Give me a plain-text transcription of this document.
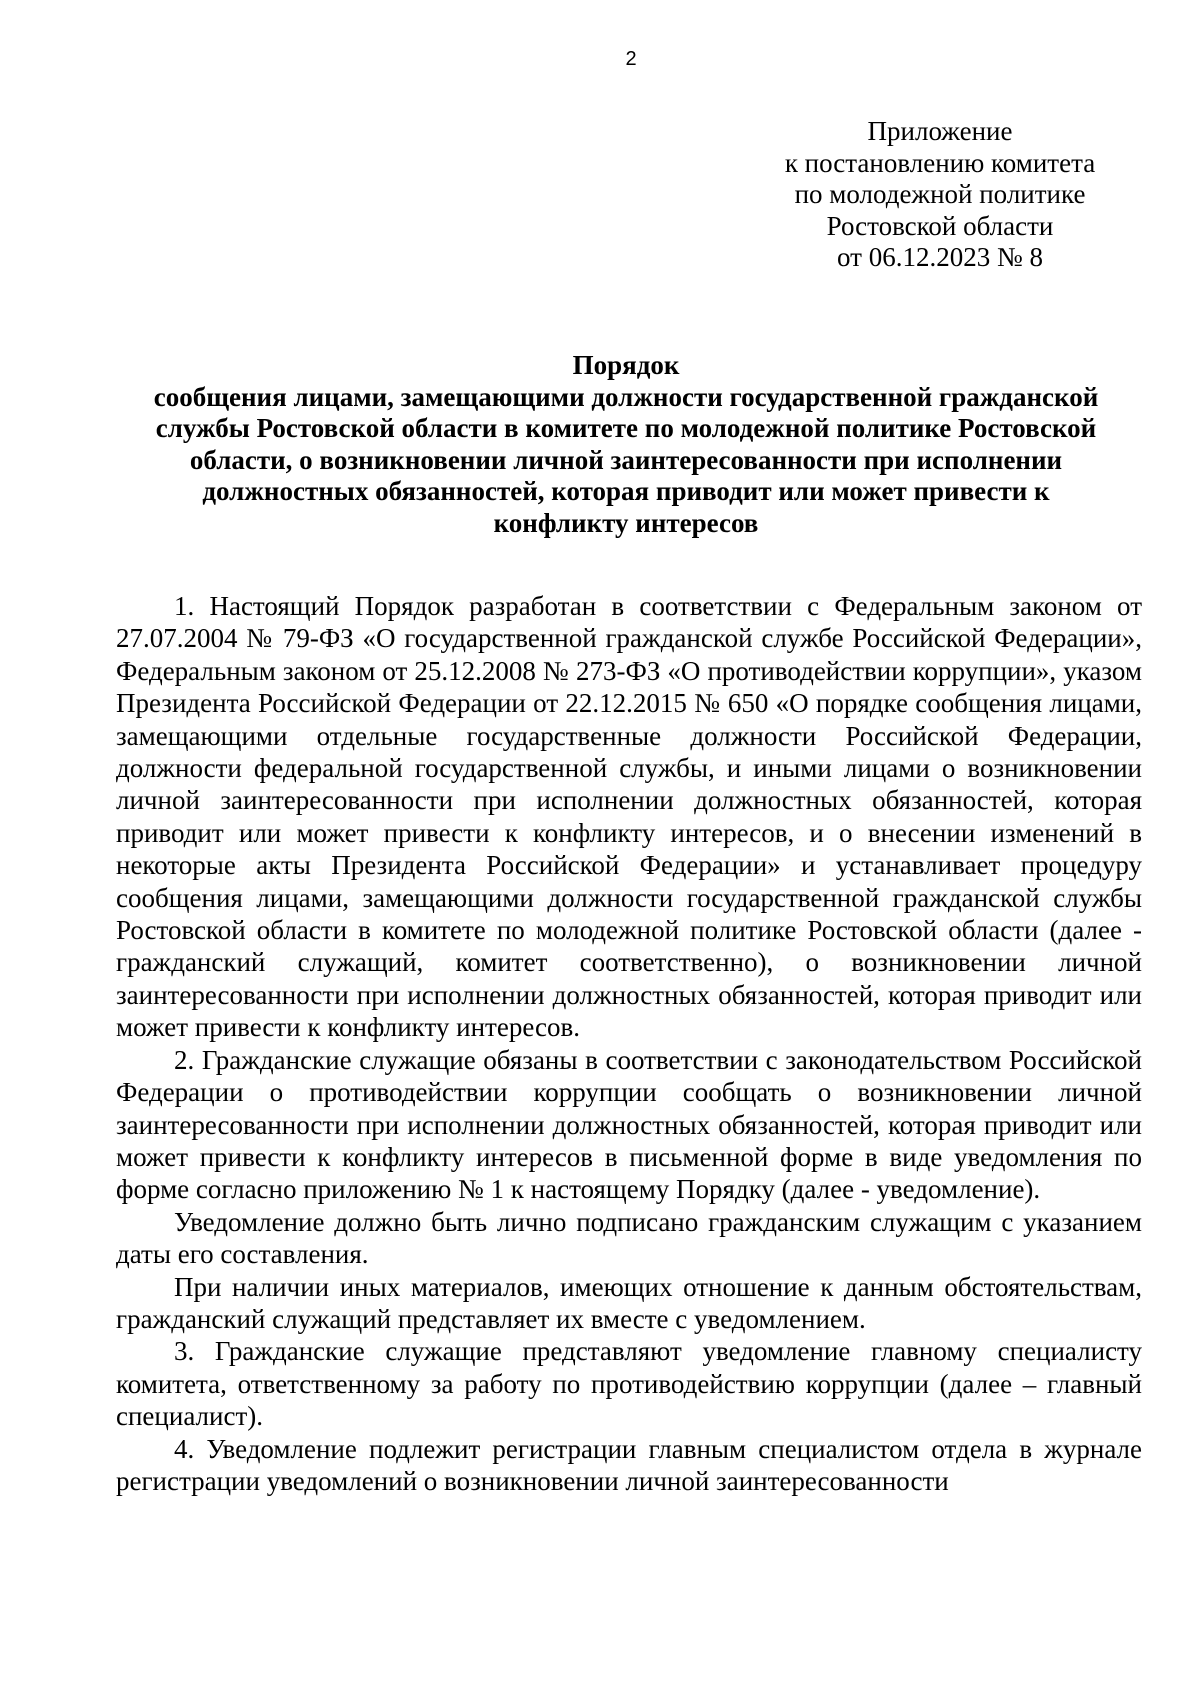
2
Приложение
к постановлению комитета
по молодежной политике
Ростовской области
от 06.12.2023 № 8
Порядок
сообщения лицами, замещающими должности государственной гражданской
службы Ростовской области в комитете по молодежной политике Ростовской
области, о возникновении личной заинтересованности при исполнении
должностных обязанностей, которая приводит или может привести к
конфликту интересов

1. Настоящий Порядок разработан в соответствии с Федеральным законом от 27.07.2004 № 79-ФЗ «О государственной гражданской службе Российской Федерации», Федеральным законом от 25.12.2008 № 273-ФЗ «О противодействии коррупции», указом Президента Российской Федерации от 22.12.2015 № 650 «О порядке сообщения лицами, замещающими отдельные государственные должности Российской Федерации, должности федеральной государственной службы, и иными лицами о возникновении личной заинтересованности при исполнении должностных обязанностей, которая приводит или может привести к конфликту интересов, и о внесении изменений в некоторые акты Президента Российской Федерации» и устанавливает процедуру сообщения лицами, замещающими должности государственной гражданской службы Ростовской области в комитете по молодежной политике Ростовской области (далее - гражданский служащий, комитет соответственно), о возникновении личной заинтересованности при исполнении должностных обязанностей, которая приводит или может привести к конфликту интересов.

2. Гражданские служащие обязаны в соответствии с законодательством Российской Федерации о противодействии коррупции сообщать о возникновении личной заинтересованности при исполнении должностных обязанностей, которая приводит или может привести к конфликту интересов в письменной форме в виде уведомления по форме согласно приложению № 1 к настоящему Порядку (далее - уведомление).

Уведомление должно быть лично подписано гражданским служащим с указанием даты его составления.

При наличии иных материалов, имеющих отношение к данным обстоятельствам, гражданский служащий представляет их вместе с уведомлением.

3. Гражданские служащие представляют уведомление главному специалисту комитета, ответственному за работу по противодействию коррупции (далее – главный специалист).

4. Уведомление подлежит регистрации главным специалистом отдела в журнале регистрации уведомлений о возникновении личной заинтересованности
